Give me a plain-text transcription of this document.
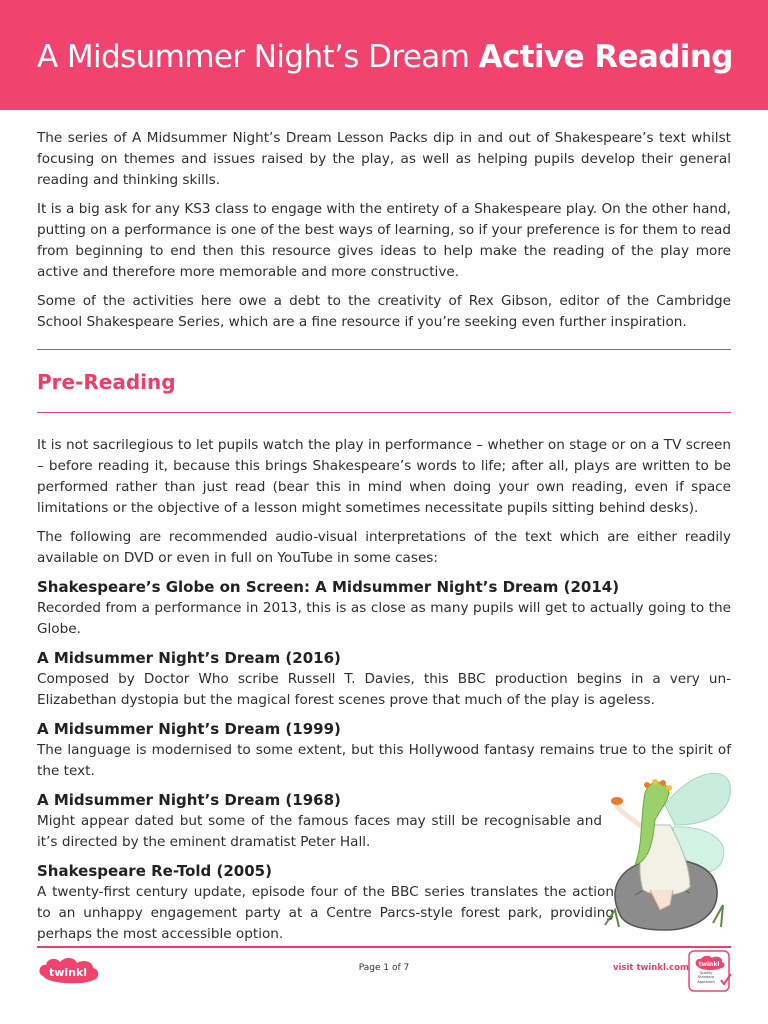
A Midsummer Night’s Dream Active Reading

The series of A Midsummer Night’s Dream Lesson Packs dip in and out of Shakespeare’s text whilst focusing on themes and issues raised by the play, as well as helping pupils develop their general reading and thinking skills.

It is a big ask for any KS3 class to engage with the entirety of a Shakespeare play. On the other hand, putting on a performance is one of the best ways of learning, so if your preference is for them to read from beginning to end then this resource gives ideas to help make the reading of the play more active and therefore more memorable and more constructive.

Some of the activities here owe a debt to the creativity of Rex Gibson, editor of the Cambridge School Shakespeare Series, which are a fine resource if you’re seeking even further inspiration.

Pre-Reading

It is not sacrilegious to let pupils watch the play in performance – whether on stage or on a TV screen – before reading it, because this brings Shakespeare’s words to life; after all, plays are written to be performed rather than just read (bear this in mind when doing your own reading, even if space limitations or the objective of a lesson might sometimes necessitate pupils sitting behind desks).

The following are recommended audio-visual interpretations of the text which are either readily available on DVD or even in full on YouTube in some cases:

Shakespeare’s Globe on Screen: A Midsummer Night’s Dream (2014)

Recorded from a performance in 2013, this is as close as many pupils will get to actually going to the Globe.

A Midsummer Night’s Dream (2016)

Composed by Doctor Who scribe Russell T. Davies, this BBC production begins in a very un-Elizabethan dystopia but the magical forest scenes prove that much of the play is ageless.

A Midsummer Night’s Dream (1999)

The language is modernised to some extent, but this Hollywood fantasy remains true to the spirit of the text.

A Midsummer Night’s Dream (1968)

Might appear dated but some of the famous faces may still be recognisable and it’s directed by the eminent dramatist Peter Hall.

Shakespeare Re-Told (2005)

A twenty-first century update, episode four of the BBC series translates the action to an unhappy engagement party at a Centre Parcs-style forest park, providing perhaps the most accessible option.

twinkl	Page 1 of 7	visit twinkl.com twinkl
Quality Standard Approved
